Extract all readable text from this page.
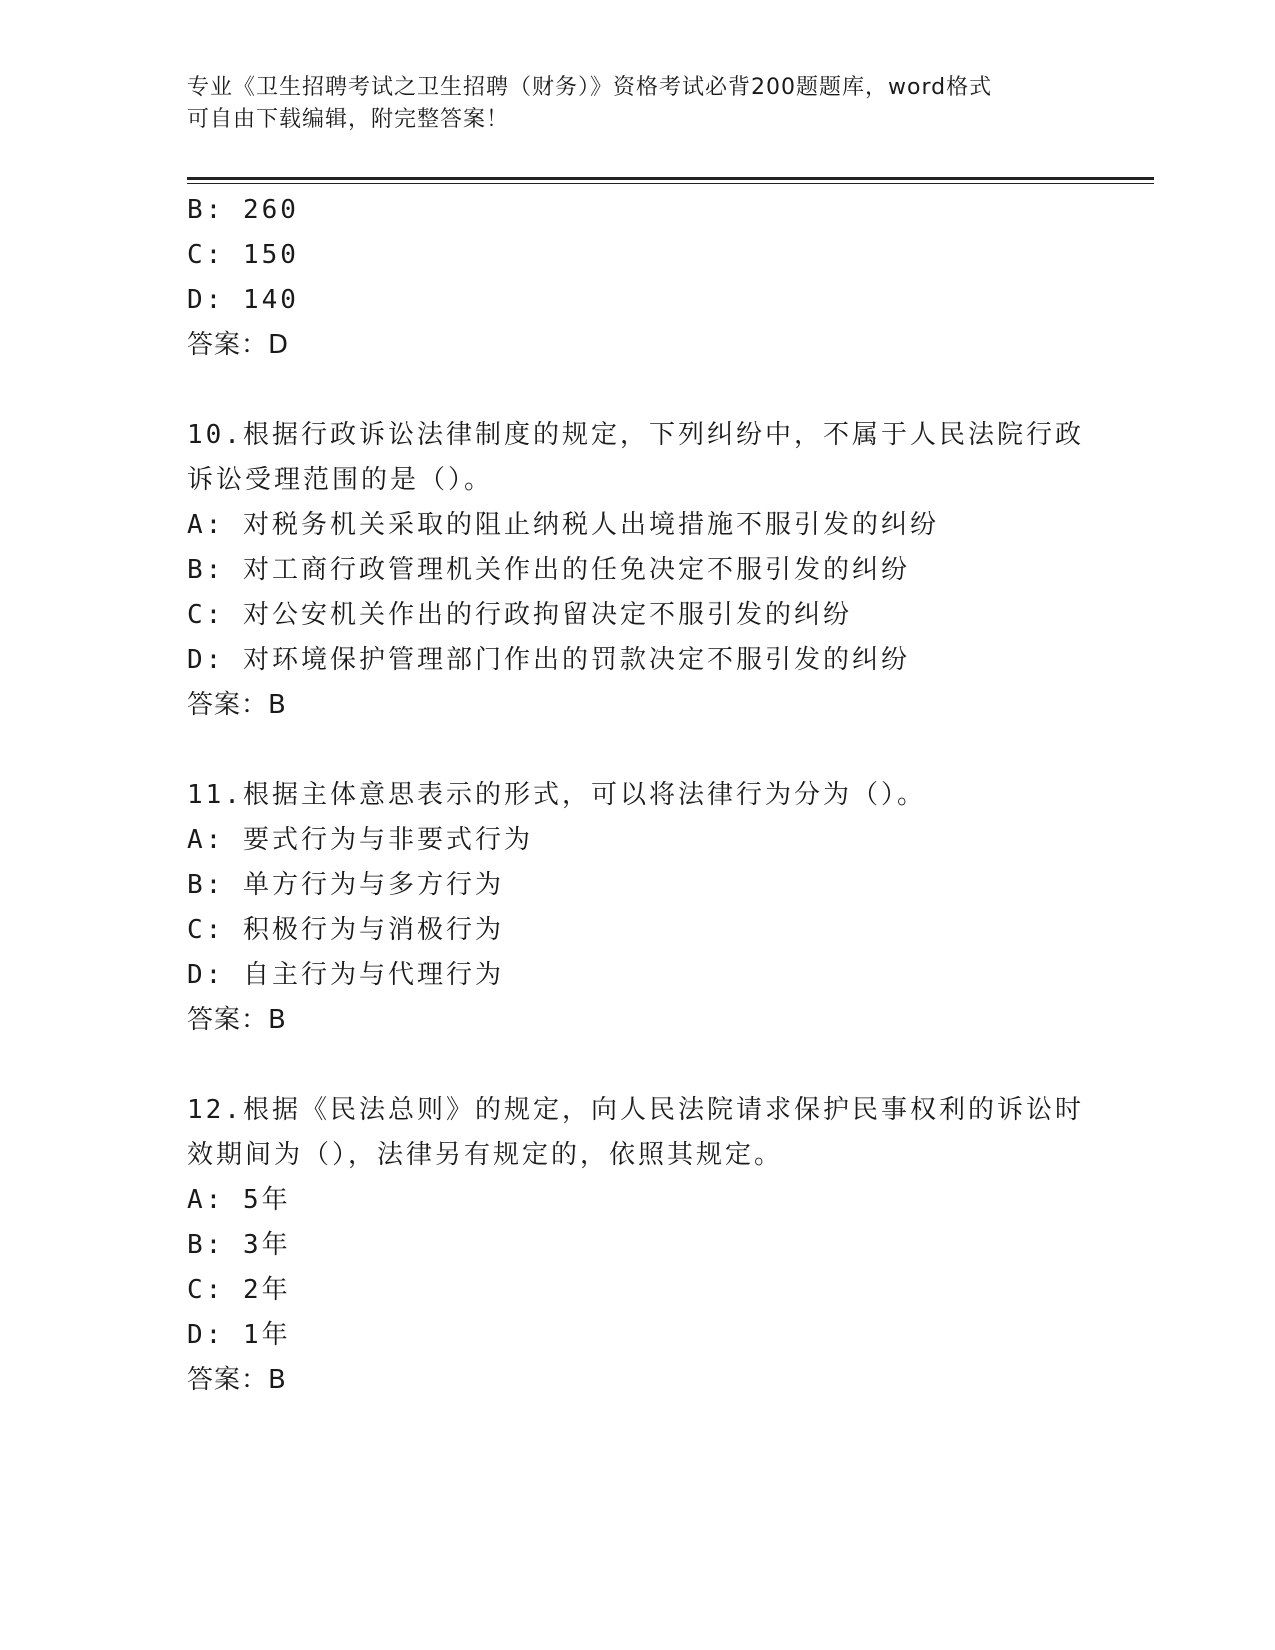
专业《卫生招聘考试之卫生招聘（财务）》资格考试必背200题题库，word格式
可自由下载编辑，附完整答案！
B: 260
C: 150
D: 140
答案：D
10.根据行政诉讼法律制度的规定，下列纠纷中，不属于人民法院行政
诉讼受理范围的是（）。
A: 对税务机关采取的阻止纳税人出境措施不服引发的纠纷
B: 对工商行政管理机关作出的任免决定不服引发的纠纷
C: 对公安机关作出的行政拘留决定不服引发的纠纷
D: 对环境保护管理部门作出的罚款决定不服引发的纠纷
答案：B
11.根据主体意思表示的形式，可以将法律行为分为（）。
A: 要式行为与非要式行为
B: 单方行为与多方行为
C: 积极行为与消极行为
D: 自主行为与代理行为
答案：B
12.根据《民法总则》的规定，向人民法院请求保护民事权利的诉讼时
效期间为（），法律另有规定的，依照其规定。
A: 5年
B: 3年
C: 2年
D: 1年
答案：B
